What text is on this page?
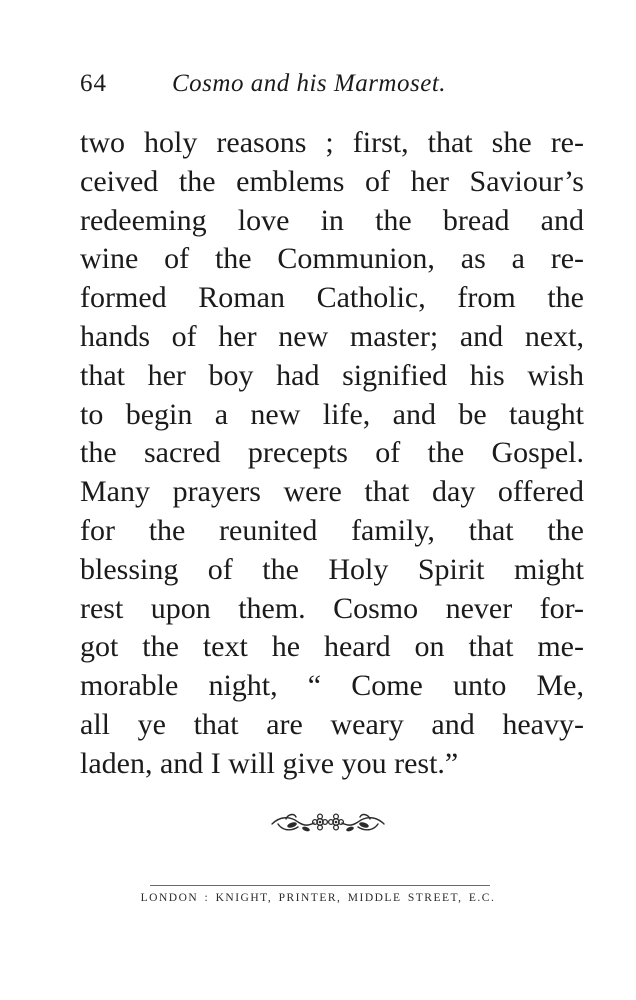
64	Cosmo and his Marmoset.
two holy reasons ; first, that she re-
ceived the emblems of her Saviour’s
redeeming love in the bread and
wine of the Communion, as a re-
formed Roman Catholic, from the
hands of her new master; and next,
that her boy had signified his wish
to begin a new life, and be taught
the sacred precepts of the Gospel.
Many prayers were that day offered
for the reunited family, that the
blessing of the Holy Spirit might
rest upon them. Cosmo never for-
got the text he heard on that me-
morable night, “ Come unto Me,
all ye that are weary and heavy-
laden, and I will give you rest.”
LONDON : KNIGHT, PRINTER, MIDDLE STREET, E.C.
